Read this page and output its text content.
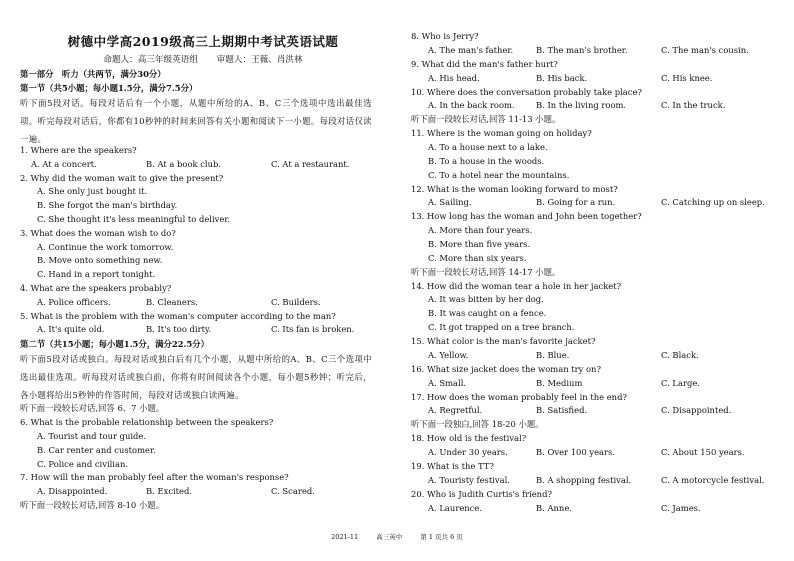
树德中学高2019级高三上期期中考试英语试题
命题人：高三年级英语组 审题人：王薇、肖洪林
第一部分　听力（共两节，满分30分）
第一节（共5小题；每小题1.5分，满分7.5分）
听下面5段对话。每段对话后有一个小题，从题中所给的A、B、C三个选项中选出最佳选项。听完每段对话后，你都有10秒钟的时间来回答有关小题和阅读下一小题。每段对话仅读一遍。
1. Where are the speakers?
A. At a concert.	B. At a book club.	C. At a restaurant.
2. Why did the woman wait to give the present?
A. She only just bought it.
B. She forgot the man's birthday.
C. She thought it's less meaningful to deliver.
3. What does the woman wish to do?
A. Continue the work tomorrow.
B. Move onto something new.
C. Hand in a report tonight.
4. What are the speakers probably?
A. Police officers.	B. Cleaners.	C. Builders.
5. What is the problem with the woman's computer according to the man?
A. It's quite old.	B. It's too dirty.	C. Its fan is broken.
第二节（共15小题；每小题1.5分，满分22.5分）
听下面5段对话或独白。每段对话或独白后有几个小题，从题中所给的A、B、C三个选项中选出最佳选项。听每段对话或独白前，你将有时间阅读各个小题，每小题5秒钟；听完后，各小题将给出5秒钟的作答时间，每段对话或独白读两遍。
听下面一段较长对话,回答 6、7 小题。
6. What is the probable relationship between the speakers?
A. Tourist and tour guide.
B. Car renter and customer.
C. Police and civilian.
7. How will the man probably feel after the woman's response?
A. Disappointed.	B. Excited.	C. Scared.
听下面一段较长对话,回答 8-10 小题。
8. Who is Jerry?
A. The man's father.	B. The man's brother.	C. The man's cousin.
9. What did the man's father hurt?
A. His head.	B. His back.	C. His knee.
10. Where does the conversation probably take place?
A. In the back room.	B. In the living room.	C. In the truck.
听下面一段较长对话,回答 11-13 小题。
11. Where is the woman going on holiday?
A. To a house next to a lake.
B. To a house in the woods.
C. To a hotel near the mountains.
12. What is the woman looking forward to most?
A. Sailing.	B. Going for a run.	C. Catching up on sleep.
13. How long has the woman and John been together?
A. More than four years.
B. More than five years.
C. More than six years.
听下面一段较长对话,回答 14-17 小题。
14. How did the woman tear a hole in her jacket?
A. It was bitten by her dog.
B. It was caught on a fence.
C. It got trapped on a tree branch.
15. What color is the man's favorite jacket?
A. Yellow.	B. Blue.	C. Black.
16. What size jacket does the woman try on?
A. Small.	B. Medium	C. Large.
17. How does the woman probably feel in the end?
A. Regretful.	B. Satisfied.	C. Disappointed.
听下面一段独白,回答 18-20 小题。
18. How old is the festival?
A. Under 30 years.	B. Over 100 years.	C. About 150 years.
19. What is the TT?
A. Touristy festival.	B. A shopping festival.	C. A motorcycle festival.
20. Who is Judith Curtis's friend?
A. Laurence.	B. Anne.	C. James.
2021-11	高三英中	第 1 页共 6 页
